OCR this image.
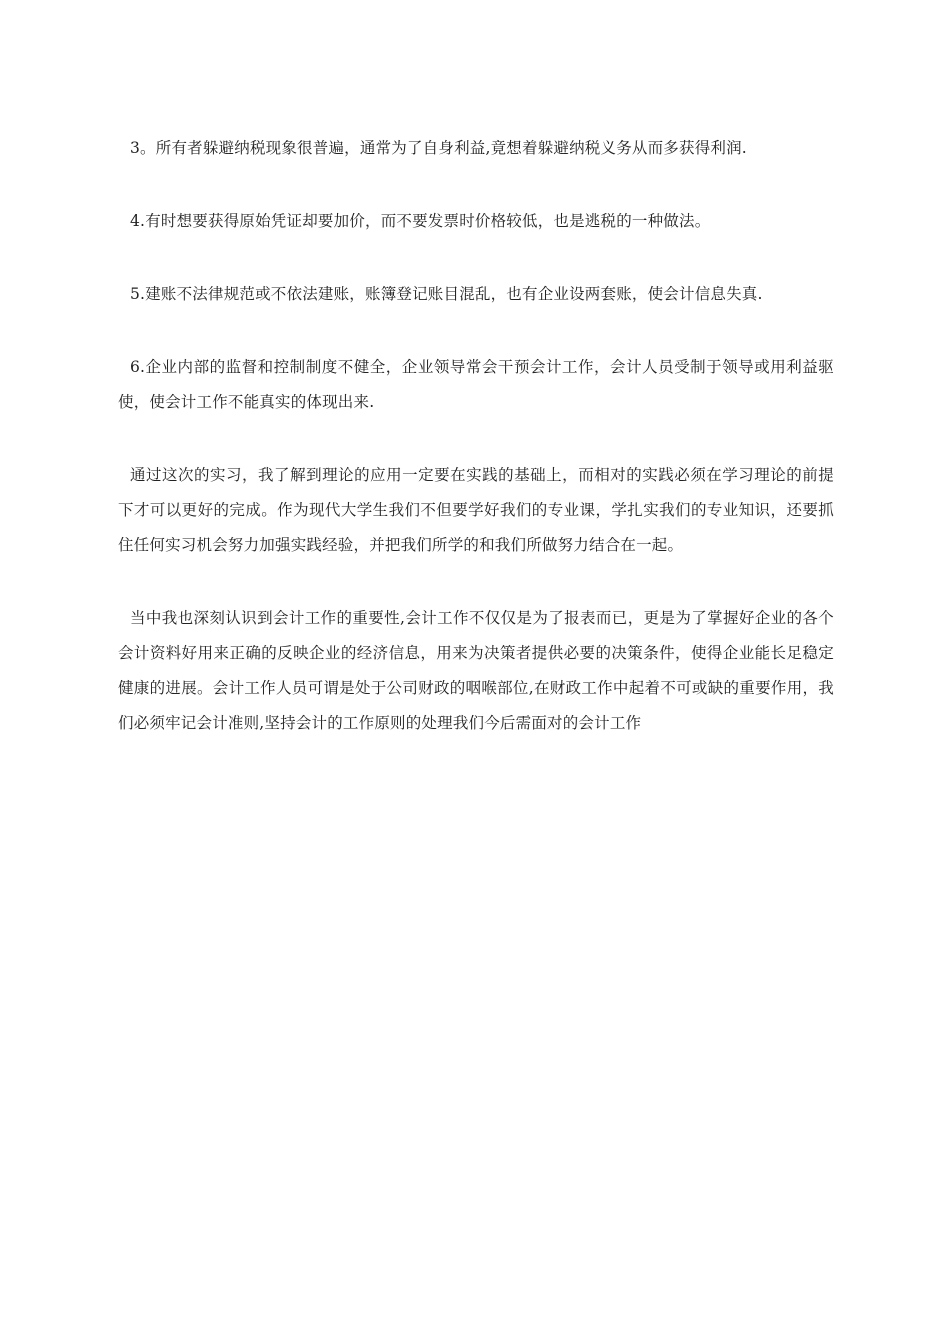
3。所有者躲避纳税现象很普遍，通常为了自身利益,竟想着躲避纳税义务从而多获得利润.

4.有时想要获得原始凭证却要加价，而不要发票时价格较低，也是逃税的一种做法。

5.建账不法律规范或不依法建账，账簿登记账目混乱，也有企业设两套账，使会计信息失真.

6.企业内部的监督和控制制度不健全，企业领导常会干预会计工作，会计人员受制于领导或用利益驱使，使会计工作不能真实的体现出来.

通过这次的实习，我了解到理论的应用一定要在实践的基础上，而相对的实践必须在学习理论的前提下才可以更好的完成。作为现代大学生我们不但要学好我们的专业课，学扎实我们的专业知识，还要抓住任何实习机会努力加强实践经验，并把我们所学的和我们所做努力结合在一起。

当中我也深刻认识到会计工作的重要性,会计工作不仅仅是为了报表而已，更是为了掌握好企业的各个会计资料好用来正确的反映企业的经济信息，用来为决策者提供必要的决策条件，使得企业能长足稳定健康的进展。会计工作人员可谓是处于公司财政的咽喉部位,在财政工作中起着不可或缺的重要作用，我们必须牢记会计准则,坚持会计的工作原则的处理我们今后需面对的会计工作
